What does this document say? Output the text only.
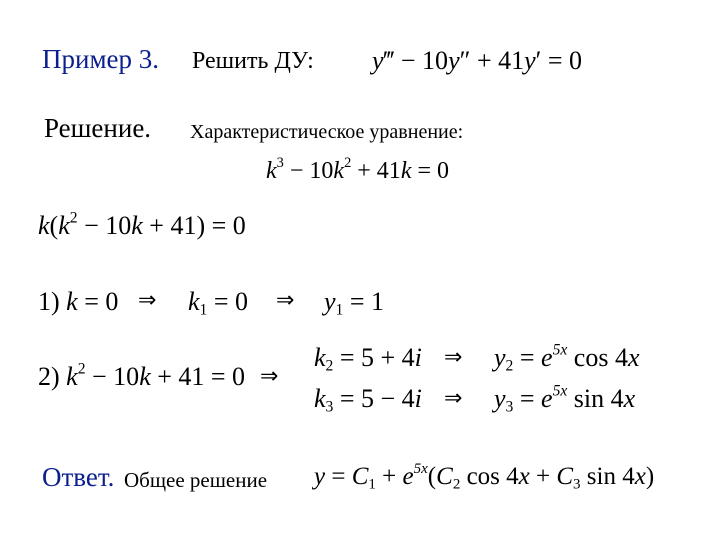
Пример 3. Решить ДУ: y‴ − 10y″ + 41y′ = 0
Решение. Характеристическое уравнение:
$k^3 - 10k^2 + 41k = 0$
$k(k^2 - 10k + 41) = 0$
1) k = 0 ⇒ $k_1 = 0$ ⇒ $y_1 = 1$
2) $k^2 - 10k + 41 = 0$ ⇒
$k_2 = 5 + 4i$ ⇒ $y_2 = e^{5x}$ cos 4x
$k_3 = 5 - 4i$ ⇒ $y_3 = e^{5x}$ sin 4x
Ответ. Общее решение $y = C_1 + e^{5x}(C_2$ $\cos 4x + C_3$ sin 4x)
